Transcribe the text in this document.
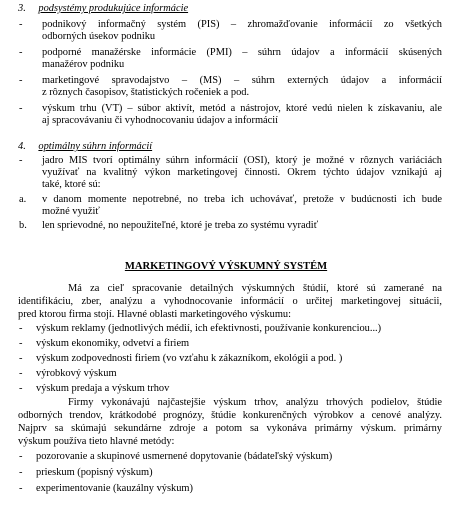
3. podsystémy produkujúce informácie
- podnikový informačný systém (PIS) – zhromažďovanie informácií zo všetkých
odborných úsekov podniku
- podporné manažérske informácie (PMI) – súhrn údajov a informácií skúsených
manažérov podniku
- marketingové spravodajstvo – (MS) – súhrn externých údajov a informácií
z rôznych časopisov, štatistických ročeniek a pod.
- výskum trhu (VT) – súbor aktivít, metód a nástrojov, ktoré vedú nielen k získavaniu, ale
aj spracovávaniu či vyhodnocovaniu údajov a informácií
4. optimálny súhrn informácií
- jadro MIS tvorí optimálny súhrn informácií (OSI), ktorý je možné v rôznych variáciách
využívať na kvalitný výkon marketingovej činnosti. Okrem týchto údajov vznikajú aj
také, ktoré sú:
a. v danom momente nepotrebné, no treba ich uchovávať, pretože v budúcnosti ich bude
možné využiť
b. len sprievodné, no nepoužiteľné, ktoré je treba zo systému vyradiť
MARKETINGOVÝ VÝSKUMNÝ SYSTÉM
Má za cieľ spracovanie detailných výskumných štúdií, ktoré sú zamerané na
identifikáciu, zber, analýzu a vyhodnocovanie informácií o určitej marketingovej situácii,
pred ktorou firma stojí. Hlavné oblasti marketingového výskumu:
- výskum reklamy (jednotlivých médií, ich efektivnosti, používanie konkurenciou...)
- výskum ekonomiky, odvetví a firiem
- výskum zodpovednosti firiem (vo vzťahu k zákazníkom, ekológii a pod. )
- výrobkový výskum
- výskum predaja a výskum trhov
Firmy vykonávajú najčastejšie výskum trhov, analýzu trhových podielov, štúdie
odborných trendov, krátkodobé prognózy, štúdie konkurenčných výrobkov a cenové analýzy.
Najprv sa skúmajú sekundárne zdroje a potom sa vykonáva primárny výskum. primárny
výskum používa tieto hlavné metódy:
- pozorovanie a skupinové usmernené dopytovanie (bádateľský výskum)
- prieskum (popisný výskum)
- experimentovanie (kauzálny výskum)
